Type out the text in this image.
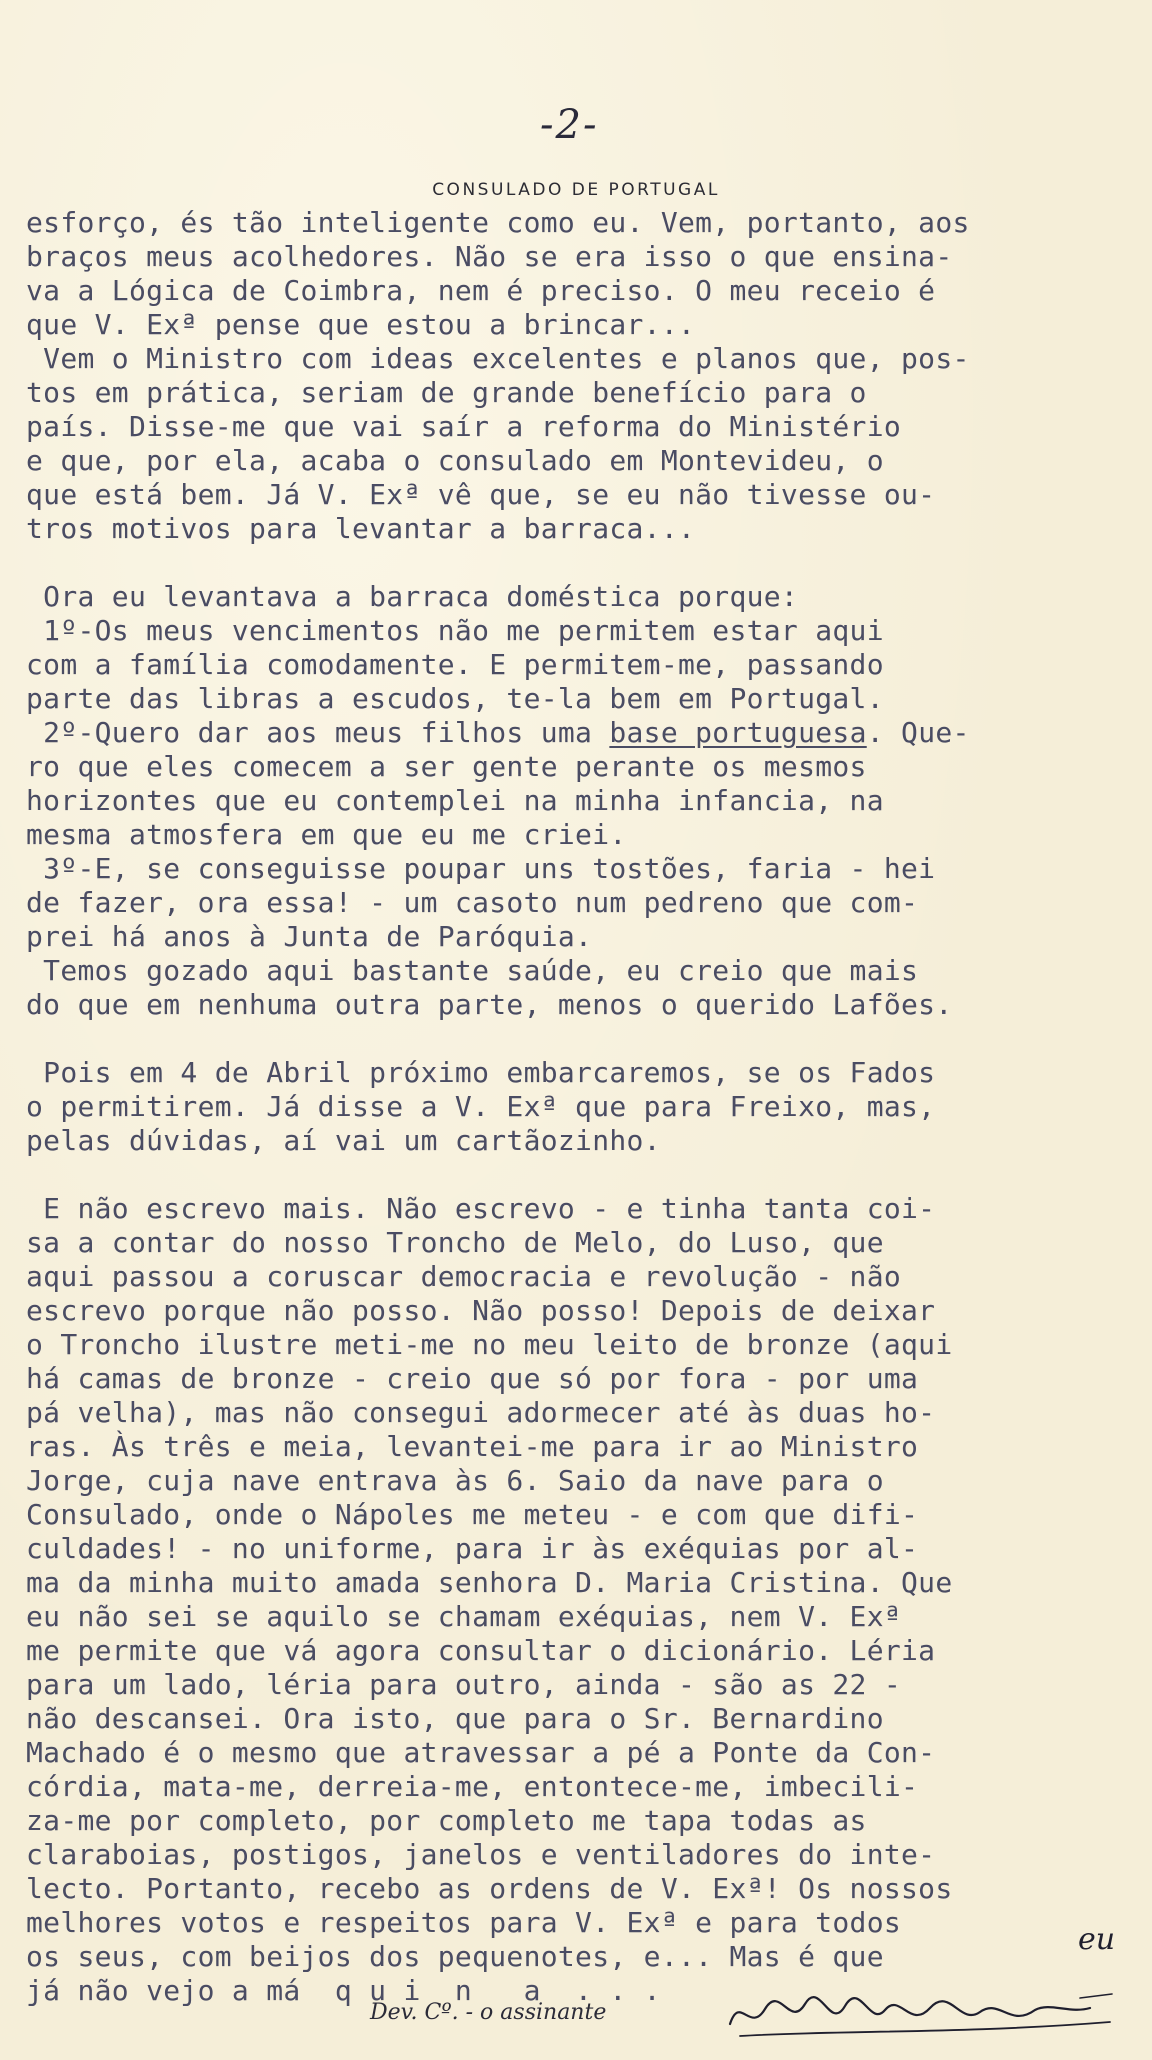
-2-
CONSULADO DE PORTUGAL
esforço, és tão inteligente como eu. Vem, portanto, aos
braços meus acolhedores. Não se era isso o que ensina-
va a Lógica de Coimbra, nem é preciso. O meu receio é
que V. Exª pense que estou a brincar...
Vem o Ministro com ideas excelentes e planos que, pos-
tos em prática, seriam de grande benefício para o
país. Disse-me que vai saír a reforma do Ministério
e que, por ela, acaba o consulado em Montevideu, o
que está bem. Já V. Exª vê que, se eu não tivesse ou-
tros motivos para levantar a barraca...
Ora eu levantava a barraca doméstica porque:
1º-Os meus vencimentos não me permitem estar aqui
com a família comodamente. E permitem-me, passando
parte das libras a escudos, te-la bem em Portugal.
2º-Quero dar aos meus filhos uma base portuguesa. Que-
ro que eles comecem a ser gente perante os mesmos
horizontes que eu contemplei na minha infancia, na
mesma atmosfera em que eu me criei.
3º-E, se conseguisse poupar uns tostões, faria - hei
de fazer, ora essa! - um casoto num pedreno que com-
prei há anos à Junta de Paróquia.
Temos gozado aqui bastante saúde, eu creio que mais
do que em nenhuma outra parte, menos o querido Lafões.
Pois em 4 de Abril próximo embarcaremos, se os Fados
o permitirem. Já disse a V. Exª que para Freixo, mas,
pelas dúvidas, aí vai um cartãozinho.
E não escrevo mais. Não escrevo - e tinha tanta coi-
sa a contar do nosso Troncho de Melo, do Luso, que
aqui passou a coruscar democracia e revolução - não
escrevo porque não posso. Não posso! Depois de deixar
o Troncho ilustre meti-me no meu leito de bronze (aqui
há camas de bronze - creio que só por fora - por uma
pá velha), mas não consegui adormecer até às duas ho-
ras. Às três e meia, levantei-me para ir ao Ministro
Jorge, cuja nave entrava às 6. Saio da nave para o
Consulado, onde o Nápoles me meteu - e com que difi-
culdades! - no uniforme, para ir às exéquias por al-
ma da minha muito amada senhora D. Maria Cristina. Que
eu não sei se aquilo se chamam exéquias, nem V. Exª
me permite que vá agora consultar o dicionário. Léria
para um lado, léria para outro, ainda - são as 22 -
não descansei. Ora isto, que para o Sr. Bernardino
Machado é o mesmo que atravessar a pé a Ponte da Con-
córdia, mata-me, derreia-me, entontece-me, imbecili-
za-me por completo, por completo me tapa todas as
claraboias, postigos, janelos e ventiladores do inte-
lecto. Portanto, recebo as ordens de V. Exª! Os nossos
melhores votos e respeitos para V. Exª e para todos
os seus, com beijos dos pequenotes, e... Mas é que
já não vejo a má  q u i  n   a  . . .
eu
Dev. Cº. - o assinante
